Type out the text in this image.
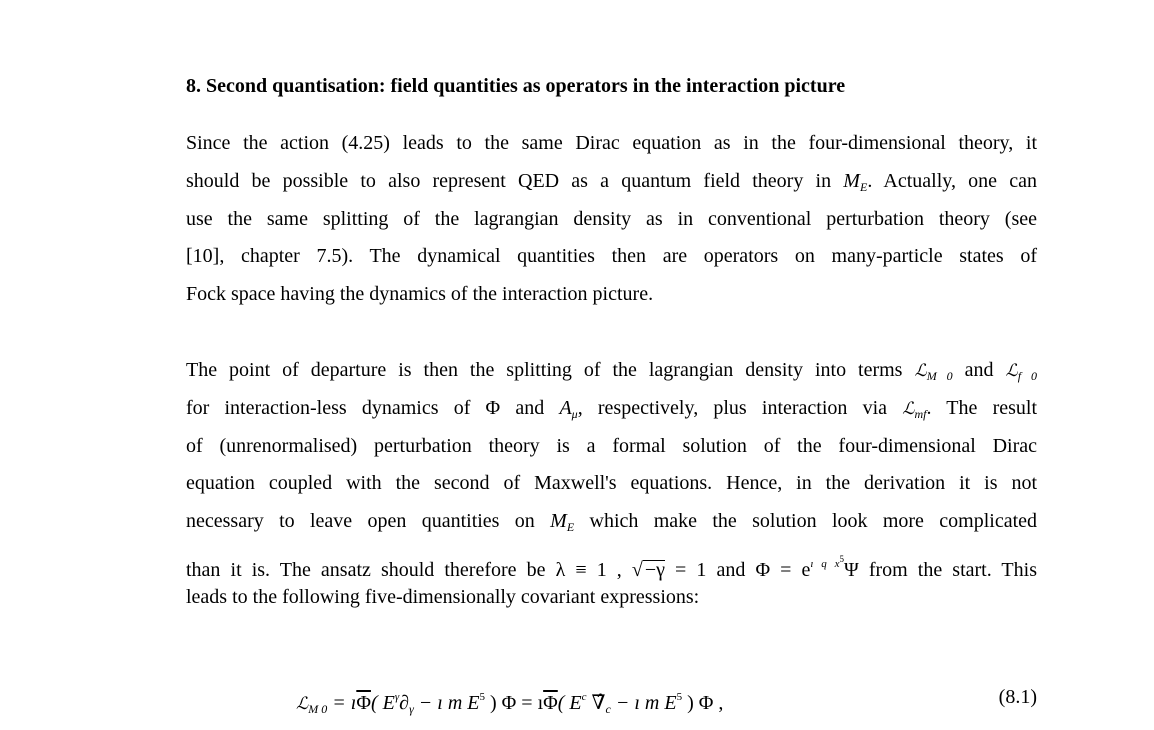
8. Second quantisation: field quantities as operators in the interaction picture
Since the action (4.25) leads to the same Dirac equation as in the four-dimensional theory, it
should be possible to also represent QED as a quantum field theory in $M_E$. Actually, one can
use the same splitting of the lagrangian density as in conventional perturbation theory (see
[10], chapter 7.5). The dynamical quantities then are operators on many-particle states of
Fock space having the dynamics of the interaction picture.
The point of departure is then the splitting of the lagrangian density into terms ℒ$_{M 0}$ and ℒ$_{f 0}$
for interaction-less dynamics of Φ and $A_\mu$, respectively, plus interaction via ℒ$_{mf}$. The result
of (unrenormalised) perturbation theory is a formal solution of the four-dimensional Dirac
equation coupled with the second of Maxwell's equations. Hence, in the derivation it is not
necessary to leave open quantities on $M_E$ which make the solution look more complicated
than it is. The ansatz should therefore be λ ≡ 1 , √ −γ = 1 and $\Phi = e^{ı q x5}\Psi$ from the start. This
leads to the following five-dimensionally covariant expressions:
ℒ$_{M 0}$ = $ı\overline{\Phi}$( $E^\gamma\partial_\gamma$ − ı m $E^5$ ) $\Phi = ı\overline{\Phi}$( $E^c$ $\nablâ_c$ − ı m $E^5$ ) Φ ,	(8.1)
